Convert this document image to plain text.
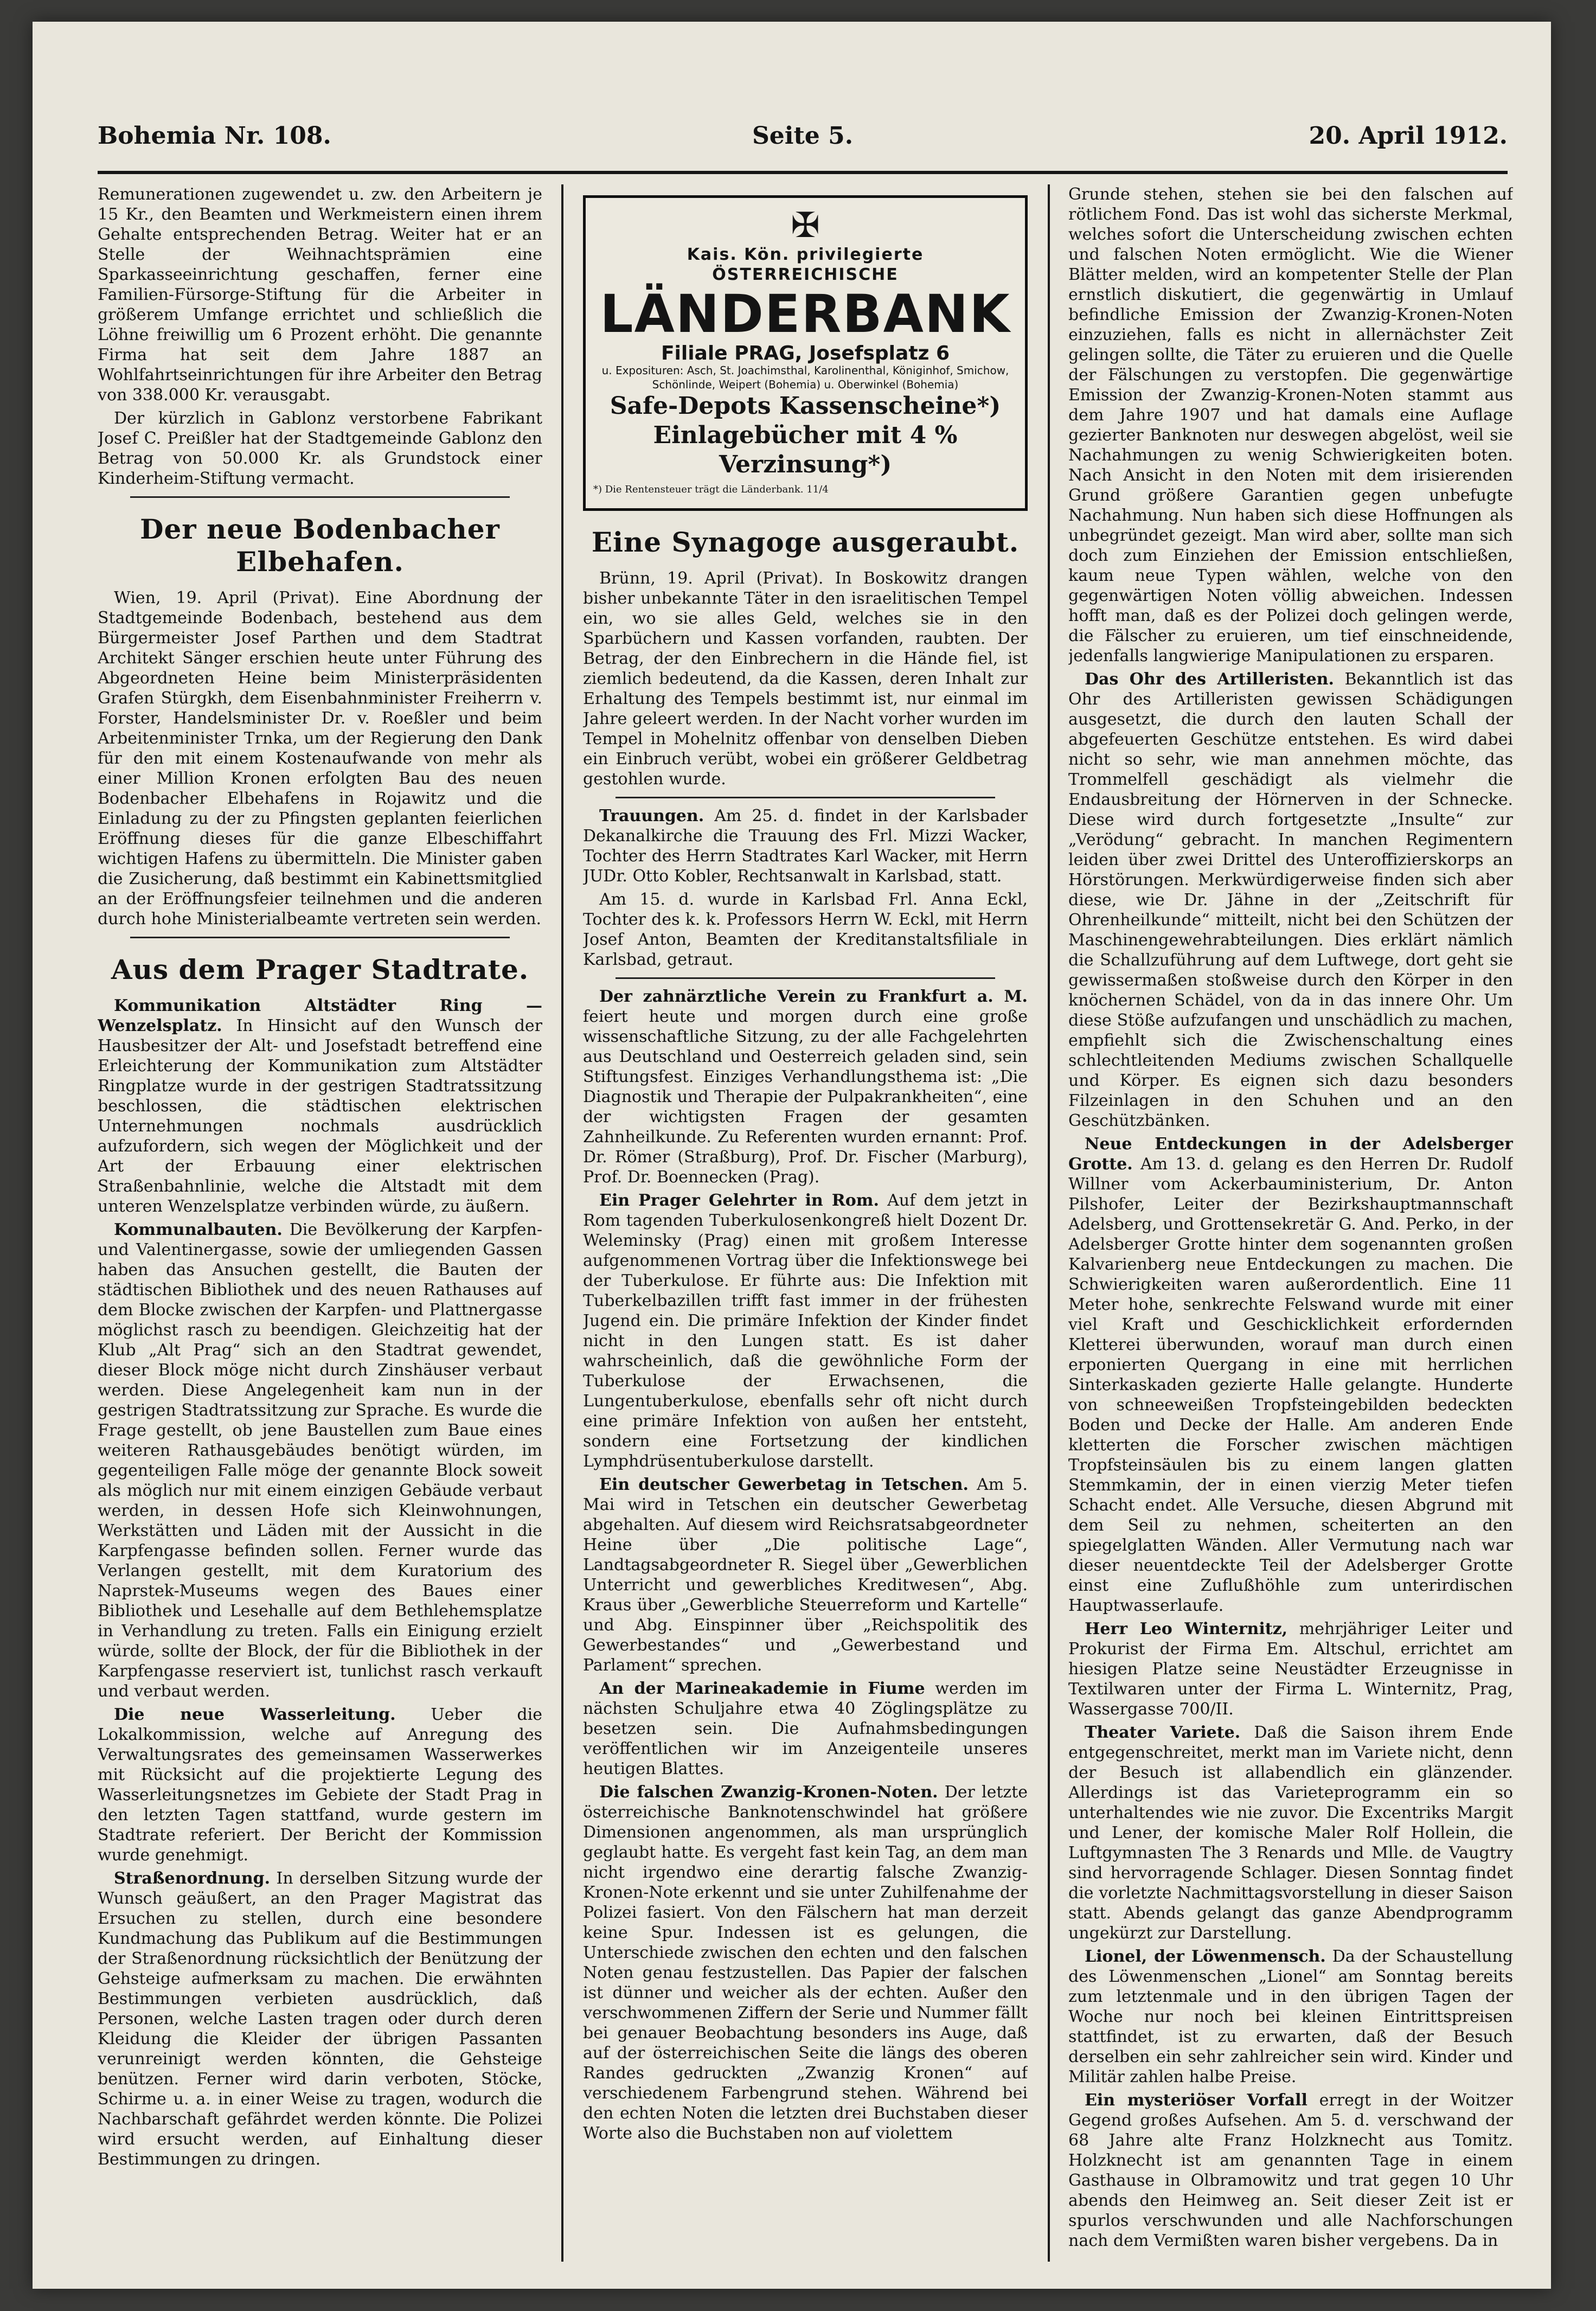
Bohemia Nr. 108.	Seite 5.	20. April 1912.

Remunerationen zugewendet u. zw. den Arbeitern je 15 Kr., den Beamten und Werkmeistern einen ihrem Gehalte entsprechenden Betrag. Weiter hat er an Stelle der Weihnachtsprämien eine Sparkasseeinrichtung geschaffen, ferner eine Familien-Fürsorge-Stiftung für die Arbeiter in größerem Umfange errichtet und schließlich die Löhne freiwillig um 6 Prozent erhöht. Die genannte Firma hat seit dem Jahre 1887 an Wohlfahrtseinrichtungen für ihre Arbeiter den Betrag von 338.000 Kr. verausgabt.

Der kürzlich in Gablonz verstorbene Fabrikant Josef C. Preißler hat der Stadtgemeinde Gablonz den Betrag von 50.000 Kr. als Grundstock einer Kinderheim-Stiftung vermacht.

Der neue Bodenbacher Elbehafen.

Wien, 19. April (Privat). Eine Abordnung der Stadtgemeinde Bodenbach, bestehend aus dem Bürgermeister Josef Parthen und dem Stadtrat Architekt Sänger erschien heute unter Führung des Abgeordneten Heine beim Ministerpräsidenten Grafen Stürgkh, dem Eisenbahnminister Freiherrn v. Forster, Handelsminister Dr. v. Roeßler und beim Arbeitenminister Trnka, um der Regierung den Dank für den mit einem Kostenaufwande von mehr als einer Million Kronen erfolgten Bau des neuen Bodenbacher Elbehafens in Rojawitz und die Einladung zu der zu Pfingsten geplanten feierlichen Eröffnung dieses für die ganze Elbeschiffahrt wichtigen Hafens zu übermitteln. Die Minister gaben die Zusicherung, daß bestimmt ein Kabinettsmitglied an der Eröffnungsfeier teilnehmen und die anderen durch hohe Ministerialbeamte vertreten sein werden.

Aus dem Prager Stadtrate.

Kommunikation Altstädter Ring — Wenzelsplatz. In Hinsicht auf den Wunsch der Hausbesitzer der Alt- und Josefstadt betreffend eine Erleichterung der Kommunikation zum Altstädter Ringplatze wurde in der gestrigen Stadtratssitzung beschlossen, die städtischen elektrischen Unternehmungen nochmals ausdrücklich aufzufordern, sich wegen der Möglichkeit und der Art der Erbauung einer elektrischen Straßenbahnlinie, welche die Altstadt mit dem unteren Wenzelsplatze verbinden würde, zu äußern.

Kommunalbauten. Die Bevölkerung der Karpfen- und Valentinergasse, sowie der umliegenden Gassen haben das Ansuchen gestellt, die Bauten der städtischen Bibliothek und des neuen Rathauses auf dem Blocke zwischen der Karpfen- und Plattnergasse möglichst rasch zu beendigen. Gleichzeitig hat der Klub „Alt Prag“ sich an den Stadtrat gewendet, dieser Block möge nicht durch Zinshäuser verbaut werden. Diese Angelegenheit kam nun in der gestrigen Stadtratssitzung zur Sprache. Es wurde die Frage gestellt, ob jene Baustellen zum Baue eines weiteren Rathausgebäudes benötigt würden, im gegenteiligen Falle möge der genannte Block soweit als möglich nur mit einem einzigen Gebäude verbaut werden, in dessen Hofe sich Kleinwohnungen, Werkstätten und Läden mit der Aussicht in die Karpfengasse befinden sollen. Ferner wurde das Verlangen gestellt, mit dem Kuratorium des Naprstek-Museums wegen des Baues einer Bibliothek und Lesehalle auf dem Bethlehemsplatze in Verhandlung zu treten. Falls ein Einigung erzielt würde, sollte der Block, der für die Bibliothek in der Karpfengasse reserviert ist, tunlichst rasch verkauft und verbaut werden.

Die neue Wasserleitung. Ueber die Lokalkommission, welche auf Anregung des Verwaltungsrates des gemeinsamen Wasserwerkes mit Rücksicht auf die projektierte Legung des Wasserleitungsnetzes im Gebiete der Stadt Prag in den letzten Tagen stattfand, wurde gestern im Stadtrate referiert. Der Bericht der Kommission wurde genehmigt.

Straßenordnung. In derselben Sitzung wurde der Wunsch geäußert, an den Prager Magistrat das Ersuchen zu stellen, durch eine besondere Kundmachung das Publikum auf die Bestimmungen der Straßenordnung rücksichtlich der Benützung der Gehsteige aufmerksam zu machen. Die erwähnten Bestimmungen verbieten ausdrücklich, daß Personen, welche Lasten tragen oder durch deren Kleidung die Kleider der übrigen Passanten verunreinigt werden könnten, die Gehsteige benützen. Ferner wird darin verboten, Stöcke, Schirme u. a. in einer Weise zu tragen, wodurch die Nachbarschaft gefährdet werden könnte. Die Polizei wird ersucht werden, auf Einhaltung dieser Bestimmungen zu dringen.

✠
Kais. Kön. privilegierte
ÖSTERREICHISCHE
LÄNDERBANK
Filiale PRAG, Josefsplatz 6
u. Exposituren: Asch, St. Joachimsthal, Karolinenthal, Königinhof, Smichow, Schönlinde, Weipert (Bohemia) u. Oberwinkel (Bohemia)
Safe-Depots Kassenscheine*) Einlagebücher mit 4 % Verzinsung*)
*) Die Rentensteuer trägt die Länderbank. 11/4
Eine Synagoge ausgeraubt.

Brünn, 19. April (Privat). In Boskowitz drangen bisher unbekannte Täter in den israelitischen Tempel ein, wo sie alles Geld, welches sie in den Sparbüchern und Kassen vorfanden, raubten. Der Betrag, der den Einbrechern in die Hände fiel, ist ziemlich bedeutend, da die Kassen, deren Inhalt zur Erhaltung des Tempels bestimmt ist, nur einmal im Jahre geleert werden. In der Nacht vorher wurden im Tempel in Mohelnitz offenbar von denselben Dieben ein Einbruch verübt, wobei ein größerer Geldbetrag gestohlen wurde.

Trauungen. Am 25. d. findet in der Karlsbader Dekanalkirche die Trauung des Frl. Mizzi Wacker, Tochter des Herrn Stadtrates Karl Wacker, mit Herrn JUDr. Otto Kobler, Rechtsanwalt in Karlsbad, statt.

Am 15. d. wurde in Karlsbad Frl. Anna Eckl, Tochter des k. k. Professors Herrn W. Eckl, mit Herrn Josef Anton, Beamten der Kreditanstaltsfiliale in Karlsbad, getraut.

Der zahnärztliche Verein zu Frankfurt a. M. feiert heute und morgen durch eine große wissenschaftliche Sitzung, zu der alle Fachgelehrten aus Deutschland und Oesterreich geladen sind, sein Stiftungsfest. Einziges Verhandlungsthema ist: „Die Diagnostik und Therapie der Pulpakrankheiten“, eine der wichtigsten Fragen der gesamten Zahnheilkunde. Zu Referenten wurden ernannt: Prof. Dr. Römer (Straßburg), Prof. Dr. Fischer (Marburg), Prof. Dr. Boennecken (Prag).

Ein Prager Gelehrter in Rom. Auf dem jetzt in Rom tagenden Tuberkulosenkongreß hielt Dozent Dr. Weleminsky (Prag) einen mit großem Interesse aufgenommenen Vortrag über die Infektionswege bei der Tuberkulose. Er führte aus: Die Infektion mit Tuberkelbazillen trifft fast immer in der frühesten Jugend ein. Die primäre Infektion der Kinder findet nicht in den Lungen statt. Es ist daher wahrscheinlich, daß die gewöhnliche Form der Tuberkulose der Erwachsenen, die Lungentuberkulose, ebenfalls sehr oft nicht durch eine primäre Infektion von außen her entsteht, sondern eine Fortsetzung der kindlichen Lymphdrüsentuberkulose darstellt.

Ein deutscher Gewerbetag in Tetschen. Am 5. Mai wird in Tetschen ein deutscher Gewerbetag abgehalten. Auf diesem wird Reichsratsabgeordneter Heine über „Die politische Lage“, Landtagsabgeordneter R. Siegel über „Gewerblichen Unterricht und gewerbliches Kreditwesen“, Abg. Kraus über „Gewerbliche Steuerreform und Kartelle“ und Abg. Einspinner über „Reichspolitik des Gewerbestandes“ und „Gewerbestand und Parlament“ sprechen.

An der Marineakademie in Fiume werden im nächsten Schuljahre etwa 40 Zöglingsplätze zu besetzen sein. Die Aufnahmsbedingungen veröffentlichen wir im Anzeigenteile unseres heutigen Blattes.

Die falschen Zwanzig-Kronen-Noten. Der letzte österreichische Banknotenschwindel hat größere Dimensionen angenommen, als man ursprünglich geglaubt hatte. Es vergeht fast kein Tag, an dem man nicht irgendwo eine derartig falsche Zwanzig-Kronen-Note erkennt und sie unter Zuhilfenahme der Polizei fasiert. Von den Fälschern hat man derzeit keine Spur. Indessen ist es gelungen, die Unterschiede zwischen den echten und den falschen Noten genau festzustellen. Das Papier der falschen ist dünner und weicher als der echten. Außer den verschwommenen Ziffern der Serie und Nummer fällt bei genauer Beobachtung besonders ins Auge, daß auf der österreichischen Seite die längs des oberen Randes gedruckten „Zwanzig Kronen“ auf verschiedenem Farbengrund stehen. Während bei den echten Noten die letzten drei Buchstaben dieser Worte also die Buchstaben non auf violettem

Grunde stehen, stehen sie bei den falschen auf rötlichem Fond. Das ist wohl das sicherste Merkmal, welches sofort die Unterscheidung zwischen echten und falschen Noten ermöglicht. Wie die Wiener Blätter melden, wird an kompetenter Stelle der Plan ernstlich diskutiert, die gegenwärtig in Umlauf befindliche Emission der Zwanzig-Kronen-Noten einzuziehen, falls es nicht in allernächster Zeit gelingen sollte, die Täter zu eruieren und die Quelle der Fälschungen zu verstopfen. Die gegenwärtige Emission der Zwanzig-Kronen-Noten stammt aus dem Jahre 1907 und hat damals eine Auflage gezierter Banknoten nur deswegen abgelöst, weil sie Nachahmungen zu wenig Schwierigkeiten boten. Nach Ansicht in den Noten mit dem irisierenden Grund größere Garantien gegen unbefugte Nachahmung. Nun haben sich diese Hoffnungen als unbegründet gezeigt. Man wird aber, sollte man sich doch zum Einziehen der Emission entschließen, kaum neue Typen wählen, welche von den gegenwärtigen Noten völlig abweichen. Indessen hofft man, daß es der Polizei doch gelingen werde, die Fälscher zu eruieren, um tief einschneidende, jedenfalls langwierige Manipulationen zu ersparen.

Das Ohr des Artilleristen. Bekanntlich ist das Ohr des Artilleristen gewissen Schädigungen ausgesetzt, die durch den lauten Schall der abgefeuerten Geschütze entstehen. Es wird dabei nicht so sehr, wie man annehmen möchte, das Trommelfell geschädigt als vielmehr die Endausbreitung der Hörnerven in der Schnecke. Diese wird durch fortgesetzte „Insulte“ zur „Verödung“ gebracht. In manchen Regimentern leiden über zwei Drittel des Unteroffizierskorps an Hörstörungen. Merkwürdigerweise finden sich aber diese, wie Dr. Jähne in der „Zeitschrift für Ohrenheilkunde“ mitteilt, nicht bei den Schützen der Maschinengewehrabteilungen. Dies erklärt nämlich die Schallzuführung auf dem Luftwege, dort geht sie gewissermaßen stoßweise durch den Körper in den knöchernen Schädel, von da in das innere Ohr. Um diese Stöße aufzufangen und unschädlich zu machen, empfiehlt sich die Zwischenschaltung eines schlechtleitenden Mediums zwischen Schallquelle und Körper. Es eignen sich dazu besonders Filzeinlagen in den Schuhen und an den Geschützbänken.

Neue Entdeckungen in der Adelsberger Grotte. Am 13. d. gelang es den Herren Dr. Rudolf Willner vom Ackerbauministerium, Dr. Anton Pilshofer, Leiter der Bezirkshauptmannschaft Adelsberg, und Grottensekretär G. And. Perko, in der Adelsberger Grotte hinter dem sogenannten großen Kalvarienberg neue Entdeckungen zu machen. Die Schwierigkeiten waren außerordentlich. Eine 11 Meter hohe, senkrechte Felswand wurde mit einer viel Kraft und Geschicklichkeit erfordernden Kletterei überwunden, worauf man durch einen erponierten Quergang in eine mit herrlichen Sinterkaskaden gezierte Halle gelangte. Hunderte von schneeweißen Tropfsteingebilden bedeckten Boden und Decke der Halle. Am anderen Ende kletterten die Forscher zwischen mächtigen Tropfsteinsäulen bis zu einem langen glatten Stemmkamin, der in einen vierzig Meter tiefen Schacht endet. Alle Versuche, diesen Abgrund mit dem Seil zu nehmen, scheiterten an den spiegelglatten Wänden. Aller Vermutung nach war dieser neuentdeckte Teil der Adelsberger Grotte einst eine Zuflußhöhle zum unterirdischen Hauptwasserlaufe.

Herr Leo Winternitz, mehrjähriger Leiter und Prokurist der Firma Em. Altschul, errichtet am hiesigen Platze seine Neustädter Erzeugnisse in Textilwaren unter der Firma L. Winternitz, Prag, Wassergasse 700/II.

Theater Variete. Daß die Saison ihrem Ende entgegenschreitet, merkt man im Variete nicht, denn der Besuch ist allabendlich ein glänzender. Allerdings ist das Varieteprogramm ein so unterhaltendes wie nie zuvor. Die Excentriks Margit und Lener, der komische Maler Rolf Hollein, die Luftgymnasten The 3 Renards und Mlle. de Vaugtry sind hervorragende Schlager. Diesen Sonntag findet die vorletzte Nachmittagsvorstellung in dieser Saison statt. Abends gelangt das ganze Abendprogramm ungekürzt zur Darstellung.

Lionel, der Löwenmensch. Da der Schaustellung des Löwenmenschen „Lionel“ am Sonntag bereits zum letztenmale und in den übrigen Tagen der Woche nur noch bei kleinen Eintrittspreisen stattfindet, ist zu erwarten, daß der Besuch derselben ein sehr zahlreicher sein wird. Kinder und Militär zahlen halbe Preise.

Ein mysteriöser Vorfall erregt in der Woitzer Gegend großes Aufsehen. Am 5. d. verschwand der 68 Jahre alte Franz Holzknecht aus Tomitz. Holzknecht ist am genannten Tage in einem Gasthause in Olbramowitz und trat gegen 10 Uhr abends den Heimweg an. Seit dieser Zeit ist er spurlos verschwunden und alle Nachforschungen nach dem Vermißten waren bisher vergebens. Da in
